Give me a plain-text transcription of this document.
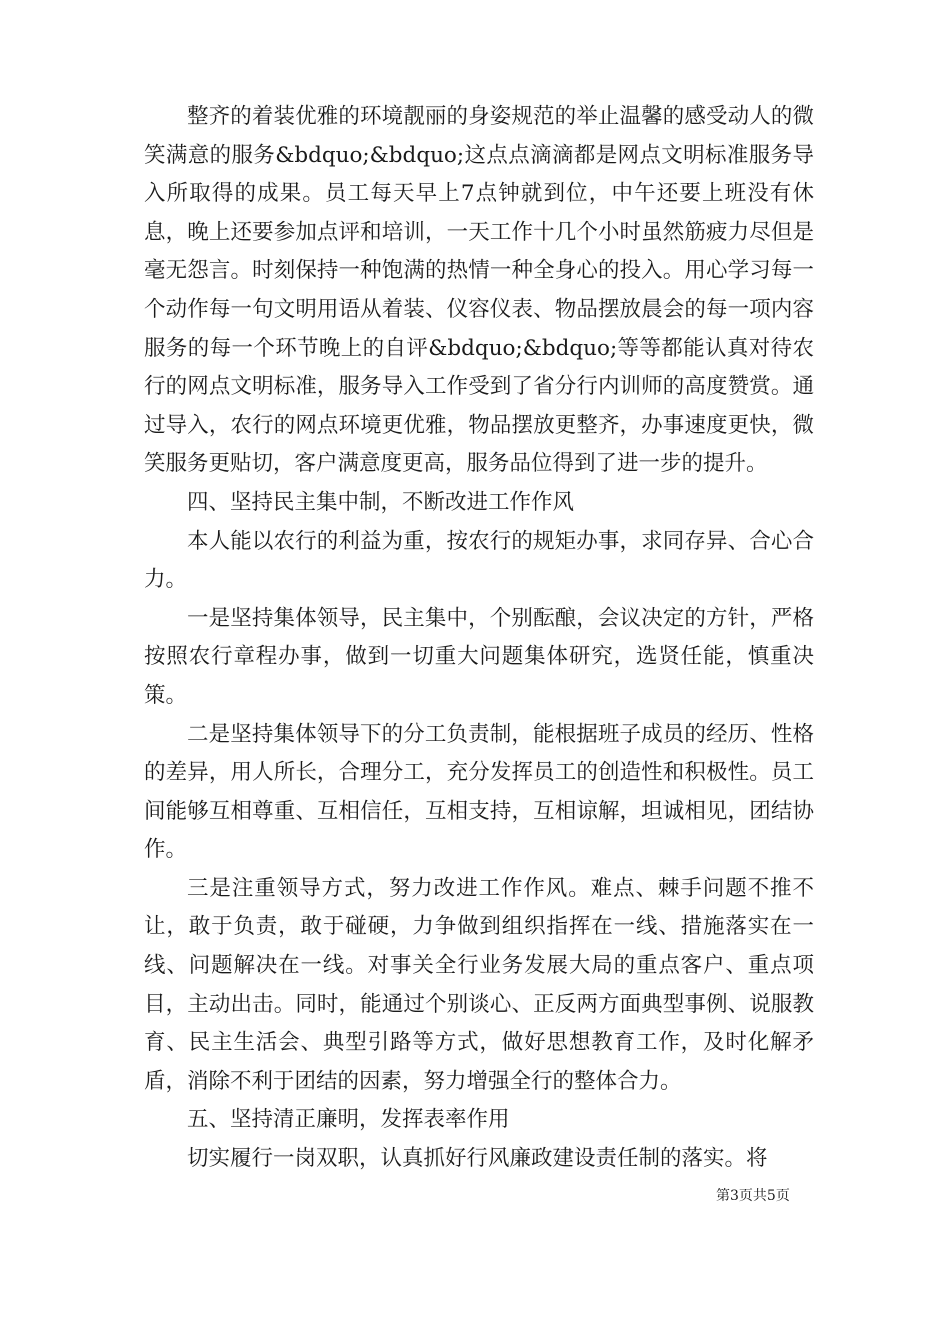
整齐的着装优雅的环境靓丽的身姿规范的举止温馨的感受动人的微笑满意的服务&bdquo;&bdquo;这点点滴滴都是网点文明标准服务导入所取得的成果。员工每天早上7点钟就到位，中午还要上班没有休息，晚上还要参加点评和培训，一天工作十几个小时虽然筋疲力尽但是毫无怨言。时刻保持一种饱满的热情一种全身心的投入。用心学习每一个动作每一句文明用语从着装、仪容仪表、物品摆放晨会的每一项内容服务的每一个环节晚上的自评&bdquo;&bdquo;等等都能认真对待农行的网点文明标准，服务导入工作受到了省分行内训师的高度赞赏。通过导入，农行的网点环境更优雅，物品摆放更整齐，办事速度更快，微笑服务更贴切，客户满意度更高，服务品位得到了进一步的提升。

四、坚持民主集中制，不断改进工作作风

本人能以农行的利益为重，按农行的规矩办事，求同存异、合心合力。

一是坚持集体领导，民主集中，个别酝酿，会议决定的方针，严格按照农行章程办事，做到一切重大问题集体研究，选贤任能，慎重决策。

二是坚持集体领导下的分工负责制，能根据班子成员的经历、性格的差异，用人所长，合理分工，充分发挥员工的创造性和积极性。员工间能够互相尊重、互相信任，互相支持，互相谅解，坦诚相见，团结协作。

三是注重领导方式，努力改进工作作风。难点、棘手问题不推不让，敢于负责，敢于碰硬，力争做到组织指挥在一线、措施落实在一线、问题解决在一线。对事关全行业务发展大局的重点客户、重点项目，主动出击。同时，能通过个别谈心、正反两方面典型事例、说服教育、民主生活会、典型引路等方式，做好思想教育工作，及时化解矛盾，消除不利于团结的因素，努力增强全行的整体合力。

五、坚持清正廉明，发挥表率作用

切实履行一岗双职，认真抓好行风廉政建设责任制的落实。将

第3页共5页
